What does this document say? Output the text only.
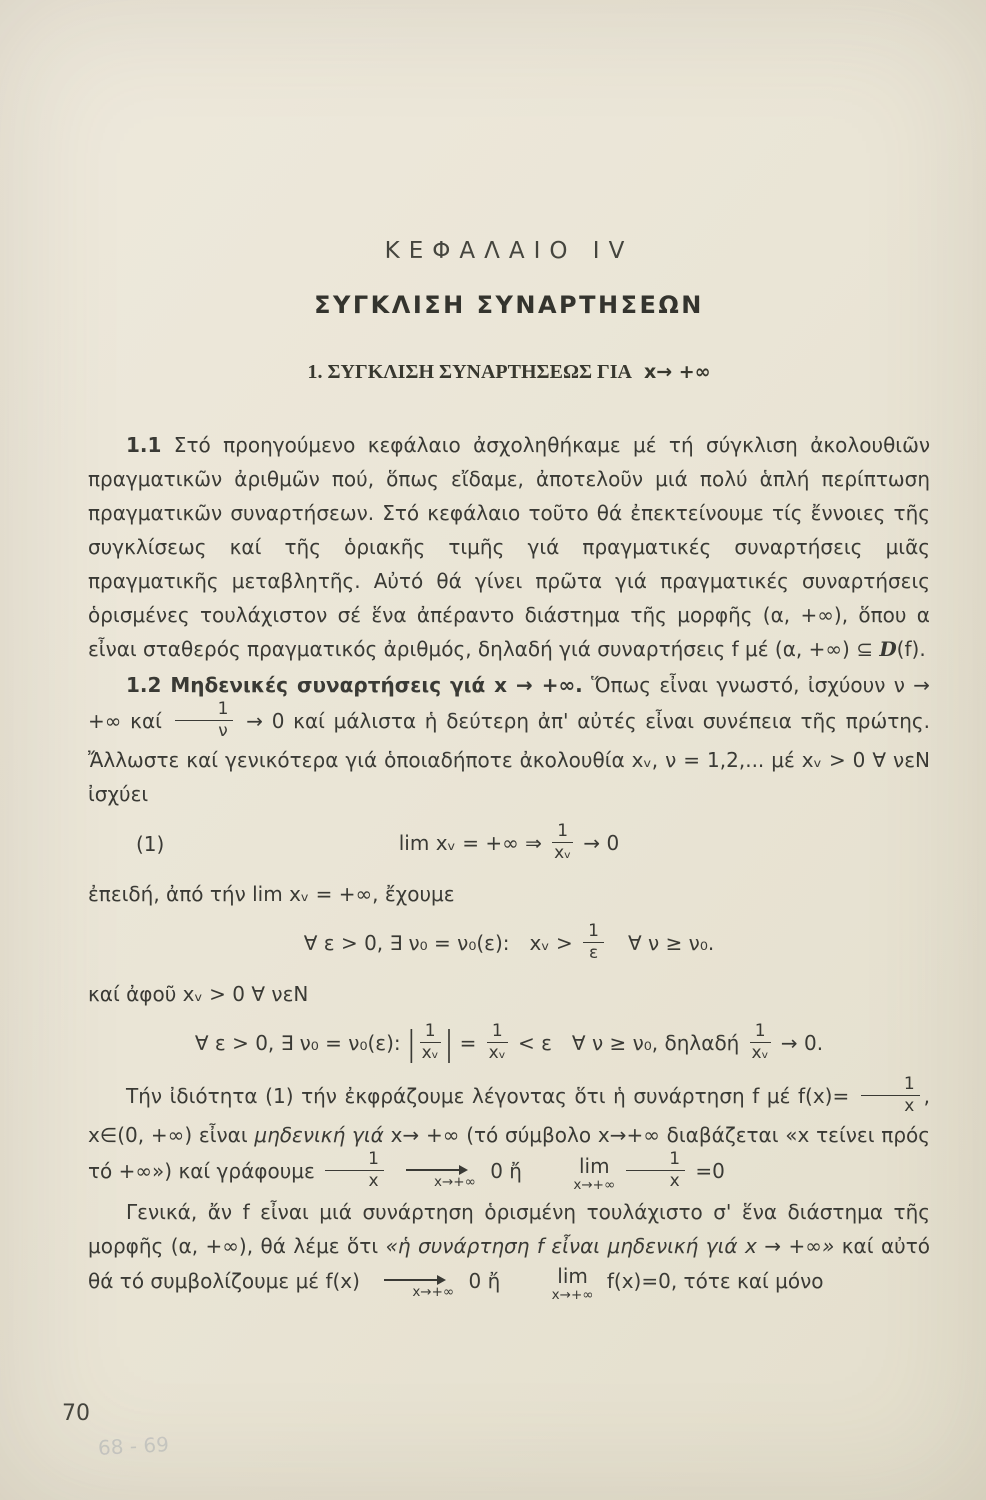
ΚΕΦΑΛΑΙΟ IV
ΣΥΓΚΛΙΣΗ ΣΥΝΑΡΤΗΣΕΩΝ
1. ΣΥΓΚΛΙΣΗ ΣΥΝΑΡΤΗΣΕΩΣ ΓΙΑ x→ +∞

1.1 Στό προηγούμενο κεφάλαιο ἀσχοληθήκαμε μέ τή σύγκλιση ἀκολουθιῶν πραγματικῶν ἀριθμῶν πού, ὅπως εἴδαμε, ἀποτελοῦν μιά πολύ ἁπλή περίπτωση πραγματικῶν συναρτήσεων. Στό κεφάλαιο τοῦτο θά ἐπεκτείνουμε τίς ἔννοιες τῆς συγκλίσεως καί τῆς ὁριακῆς τιμῆς γιά πραγματικές συναρτήσεις μιᾶς πραγματικῆς μεταβλητῆς. Αὐτό θά γίνει πρῶτα γιά πραγματικές συναρτήσεις ὁρισμένες τουλάχιστον σέ ἕνα ἀπέραντο διάστημα τῆς μορφῆς (α, +∞), ὅπου α εἶναι σταθερός πραγματικός ἀριθμός, δηλαδή γιά συναρτήσεις f μέ (α, +∞) ⊆ D(f).

1.2 Μηδενικές συναρτήσεις γιά x → +∞. Ὅπως εἶναι γνωστό, ἰσχύουν ν → +∞ καί $\frac{1}{\nu} \to 0$ καί μάλιστα ἡ δεύτερη ἀπ' αὐτές εἶναι συνέπεια τῆς πρώτης. Ἄλλωστε καί γενικότερα γιά ὁποιαδήποτε ἀκολουθία xᵥ, ν = 1,2,... μέ xᵥ > 0 ∀ νεΝ ἰσχύει

(1)	lim xᵥ = +∞ ⇒ $\frac{1}{\text{xᵥ}} \to 0$

ἐπειδή, ἀπό τήν lim xᵥ = +∞, ἔχουμε

∀ ε > 0, ∃ ν₀ = ν₀(ε): xᵥ > $\frac{1}{\varepsilon}$  ∀ ν ≥ ν₀.

καί ἀφοῦ xᵥ > 0 ∀ νεΝ

∀ ε > 0, ∃ ν₀ = ν₀(ε): | $\frac{1}{\text{xᵥ}}$ | = $\frac{1}{\text{xᵥ}} < \varepsilon$ ∀ ν ≥ ν₀, δηλαδή $\frac{1}{\text{xᵥ}} \to 0$.

Τήν ἰδιότητα (1) τήν ἐκφράζουμε λέγοντας ὅτι ἡ συνάρτηση f μέ $f(x)= \frac{1}{x}$ , x∈(0, +∞) εἶναι μηδενική γιά x→ +∞ (τό σύμβολο x→+∞ διαβάζεται «x τείνει πρός τό +∞») καί γράφουμε $\frac{1}{x}$	x→+∞ 0 ἤ	lim
$x\to+\infty \frac{1}{x} =0$

Γενικά, ἄν f εἶναι μιά συνάρτηση ὁρισμένη τουλάχιστο σ' ἕνα διάστημα τῆς μορφῆς (α, +∞), θά λέμε ὅτι «ἡ συνάρτηση f εἶναι μηδενική γιά x → +∞» καί αὐτό θά τό συμβολίζουμε μέ f(x)	x→+∞ 0 ἤ	lim
x→+∞
f(x)=0, τότε καί μόνο

70
68 - 69
